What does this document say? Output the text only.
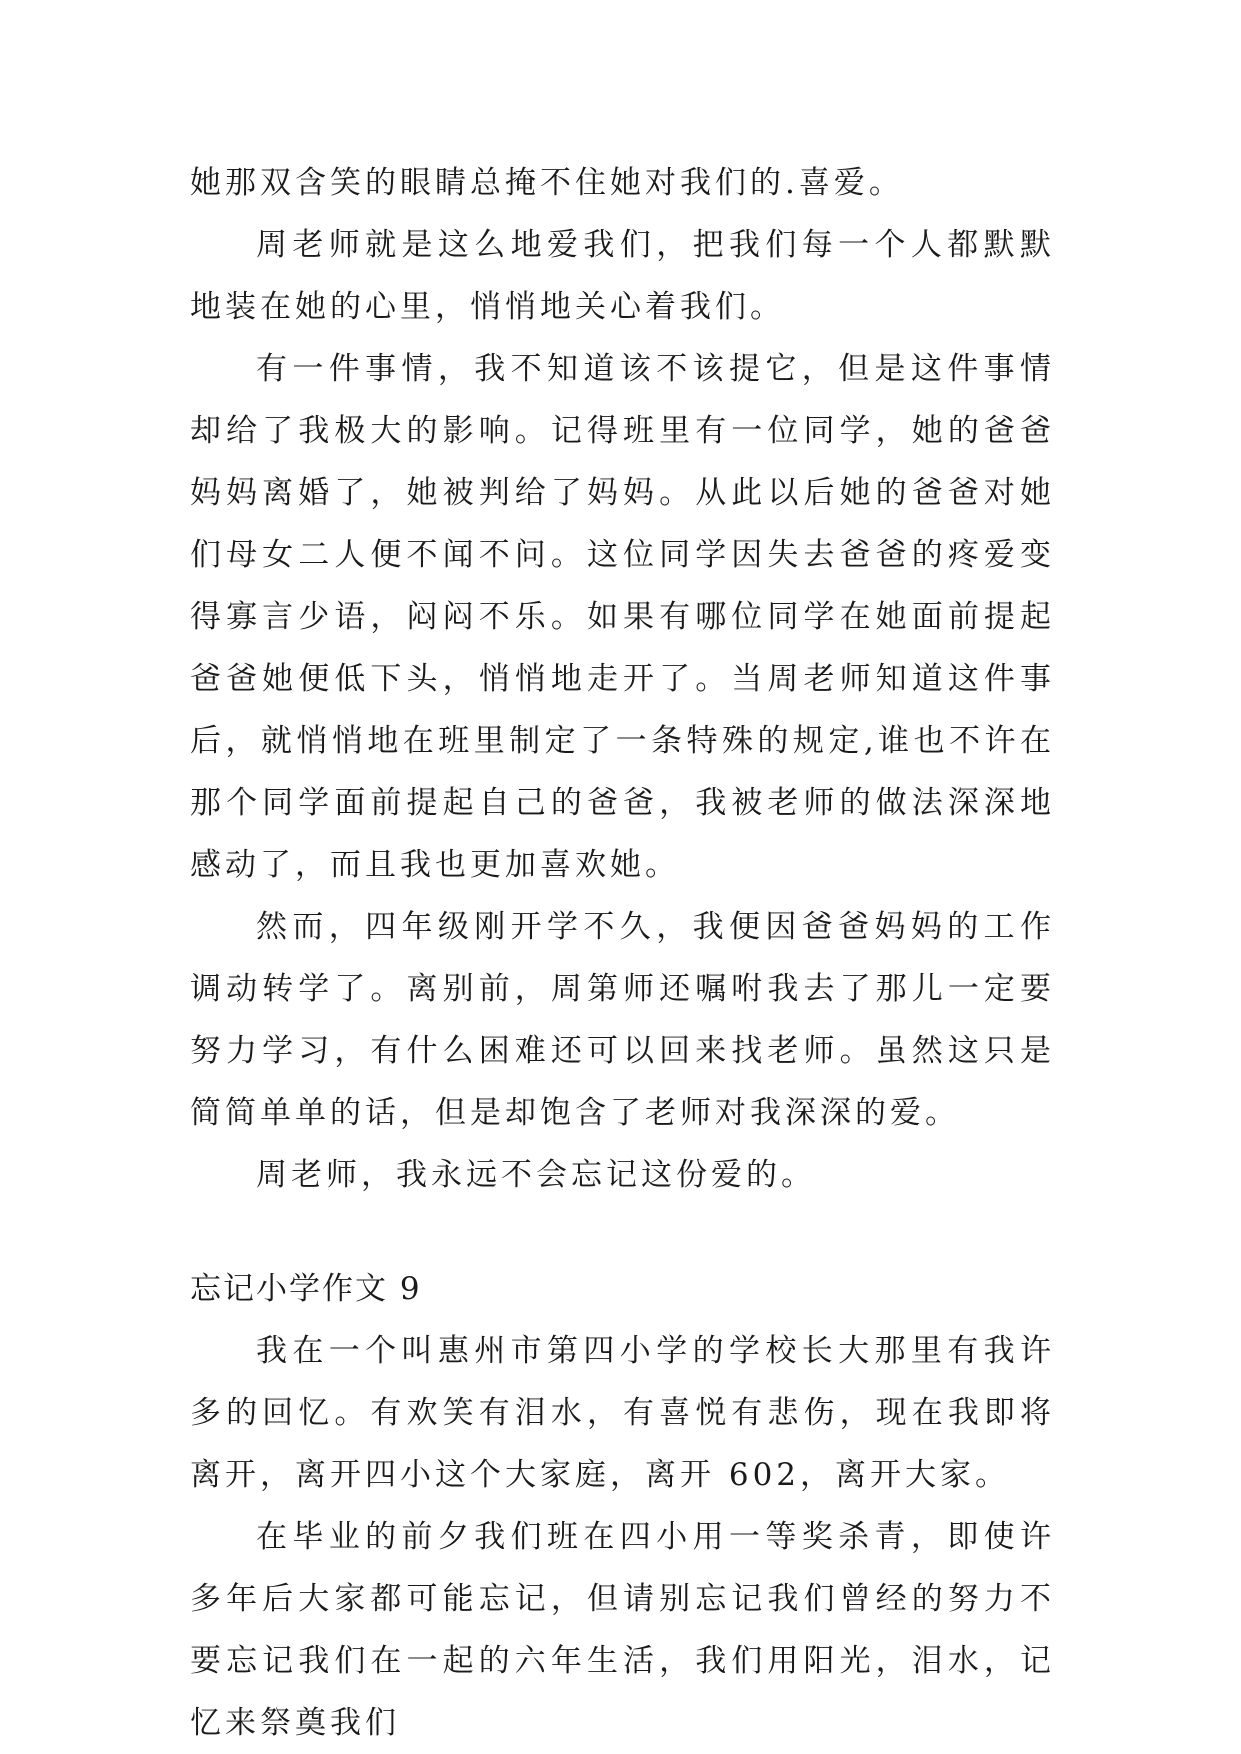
她那双含笑的眼睛总掩不住她对我们的.喜爱。

周老师就是这么地爱我们，把我们每一个人都默默地装在她的心里，悄悄地关心着我们。

有一件事情，我不知道该不该提它，但是这件事情却给了我极大的影响。记得班里有一位同学，她的爸爸妈妈离婚了，她被判给了妈妈。从此以后她的爸爸对她们母女二人便不闻不问。这位同学因失去爸爸的疼爱变得寡言少语，闷闷不乐。如果有哪位同学在她面前提起爸爸她便低下头，悄悄地走开了。当周老师知道这件事后，就悄悄地在班里制定了一条特殊的规定,谁也不许在那个同学面前提起自己的爸爸，我被老师的做法深深地感动了，而且我也更加喜欢她。

然而，四年级刚开学不久，我便因爸爸妈妈的工作调动转学了。离别前，周第师还嘱咐我去了那儿一定要努力学习，有什么困难还可以回来找老师。虽然这只是简简单单的话，但是却饱含了老师对我深深的爱。

周老师，我永远不会忘记这份爱的。

忘记小学作文 9

我在一个叫惠州市第四小学的学校长大那里有我许多的回忆。有欢笑有泪水，有喜悦有悲伤，现在我即将离开，离开四小这个大家庭，离开 602，离开大家。

在毕业的前夕我们班在四小用一等奖杀青，即使许多年后大家都可能忘记，但请别忘记我们曾经的努力不要忘记我们在一起的六年生活，我们用阳光，泪水，记忆来祭奠我们
